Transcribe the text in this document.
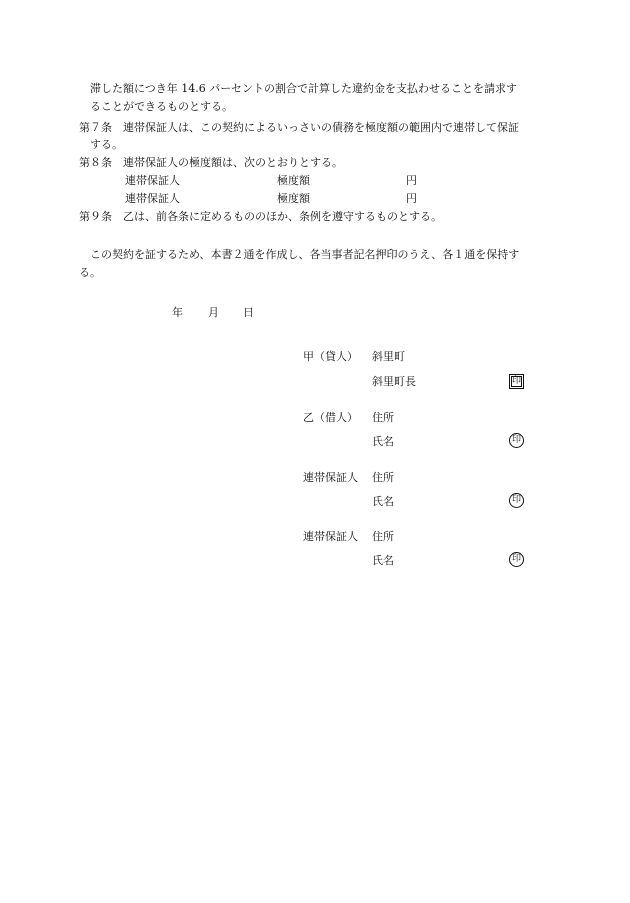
滞した額につき年 14.6 パーセントの割合で計算した違約金を支払わせることを請求す
ることができるものとする。
第７条　連帯保証人は、この契約によるいっさいの債務を極度額の範囲内で連帯して保証
する。
第８条　連帯保証人の極度額は、次のとおりとする。
連帯保証人	極度額	円
連帯保証人	極度額	円
第９条　乙は、前各条に定めるもののほか、条例を遵守するものとする。
この契約を証するため、本書２通を作成し、各当事者記名押印のうえ、各１通を保持す
る。
年 月 日
甲（貸人） 斜里町
斜里町長	印
乙（借人） 住所
氏名	印
連帯保証人 住所
氏名	印
連帯保証人 住所
氏名	印
